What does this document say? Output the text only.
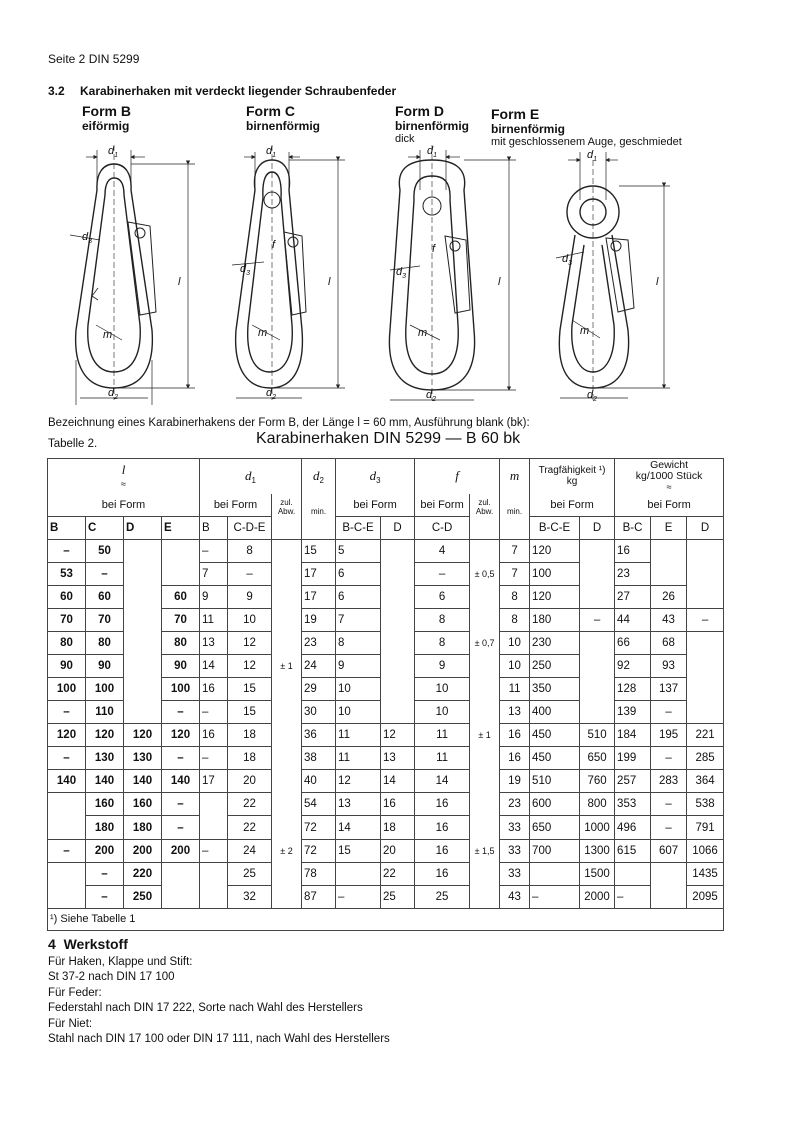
Seite 2 DIN 5299
3.2 Karabinerhaken mit verdeckt liegender Schraubenfeder
Form B
eiförmig
Form C
birnenförmig
Form D
birnenförmig
dick
Form E
birnenförmig
mit geschlossenem Auge, geschmiedet
$d_1$
$d_2$
$d_3$
l
m
$d_1$
$d_2$
$d_3$
f
l
m
$d_1$
$d_2$
$d_3$
f
l
m
$d_1$
$d_2$
$d_3$
l
m
Bezeichnung eines Karabinerhakens der Form B, der Länge l = 60 mm, Ausführung blank (bk):
Tabelle 2.	Karabinerhaken DIN 5299 — B 60 bk
l
≈				$d_1$			$d_2$	$d_3$		f		m	Tragfähigkeit ¹)
kg		Gewicht
kg/1000 Stück
≈		
bei Form				bei Form		zul.
Abw.	min.	bei Form		bei Form	zul.
Abw.	min.	bei Form		bei Form		
B	C	D	E	B	C-D-E			B-C-E	D	C-D			B-C-E	D	B-C	E	D
–	50			–	8		15	5		4		7	120		16		
53	–			7	–		17	6		–	± 0,5	7	100		23		
60	60		60	9	9		17	6		6		8	120		27	26	
70	70		70	11	10		19	7		8		8	180	–	44	43	–
80	80		80	13	12		23	8		8	± 0,7	10	230		66	68	
90	90		90	14	12	± 1	24	9		9		10	250		92	93	
100	100		100	16	15		29	10		10		11	350		128	137	
–	110		–	–	15		30	10		10		13	400		139	–	
120	120	120	120	16	18		36	11	12	11	± 1	16	450	510	184	195	221
–	130	130	–	–	18		38	11	13	11		16	450	650	199	–	285
140	140	140	140	17	20		40	12	14	14		19	510	760	257	283	364
	160	160	–		22		54	13	16	16		23	600	800	353	–	538
	180	180	–		22		72	14	18	16		33	650	1000	496	–	791
–	200	200	200	–	24	± 2	72	15	20	16	± 1,5	33	700	1300	615	607	1066
	–	220			25		78		22	16		33		1500			1435
	–	250			32		87	–	25	25		43	–	2000	–		2095
¹) Siehe Tabelle 1																	
4 Werkstoff
Für Haken, Klappe und Stift:
St 37-2 nach DIN 17 100
Für Feder:
Federstahl nach DIN 17 222, Sorte nach Wahl des Herstellers
Für Niet:
Stahl nach DIN 17 100 oder DIN 17 111, nach Wahl des Herstellers
